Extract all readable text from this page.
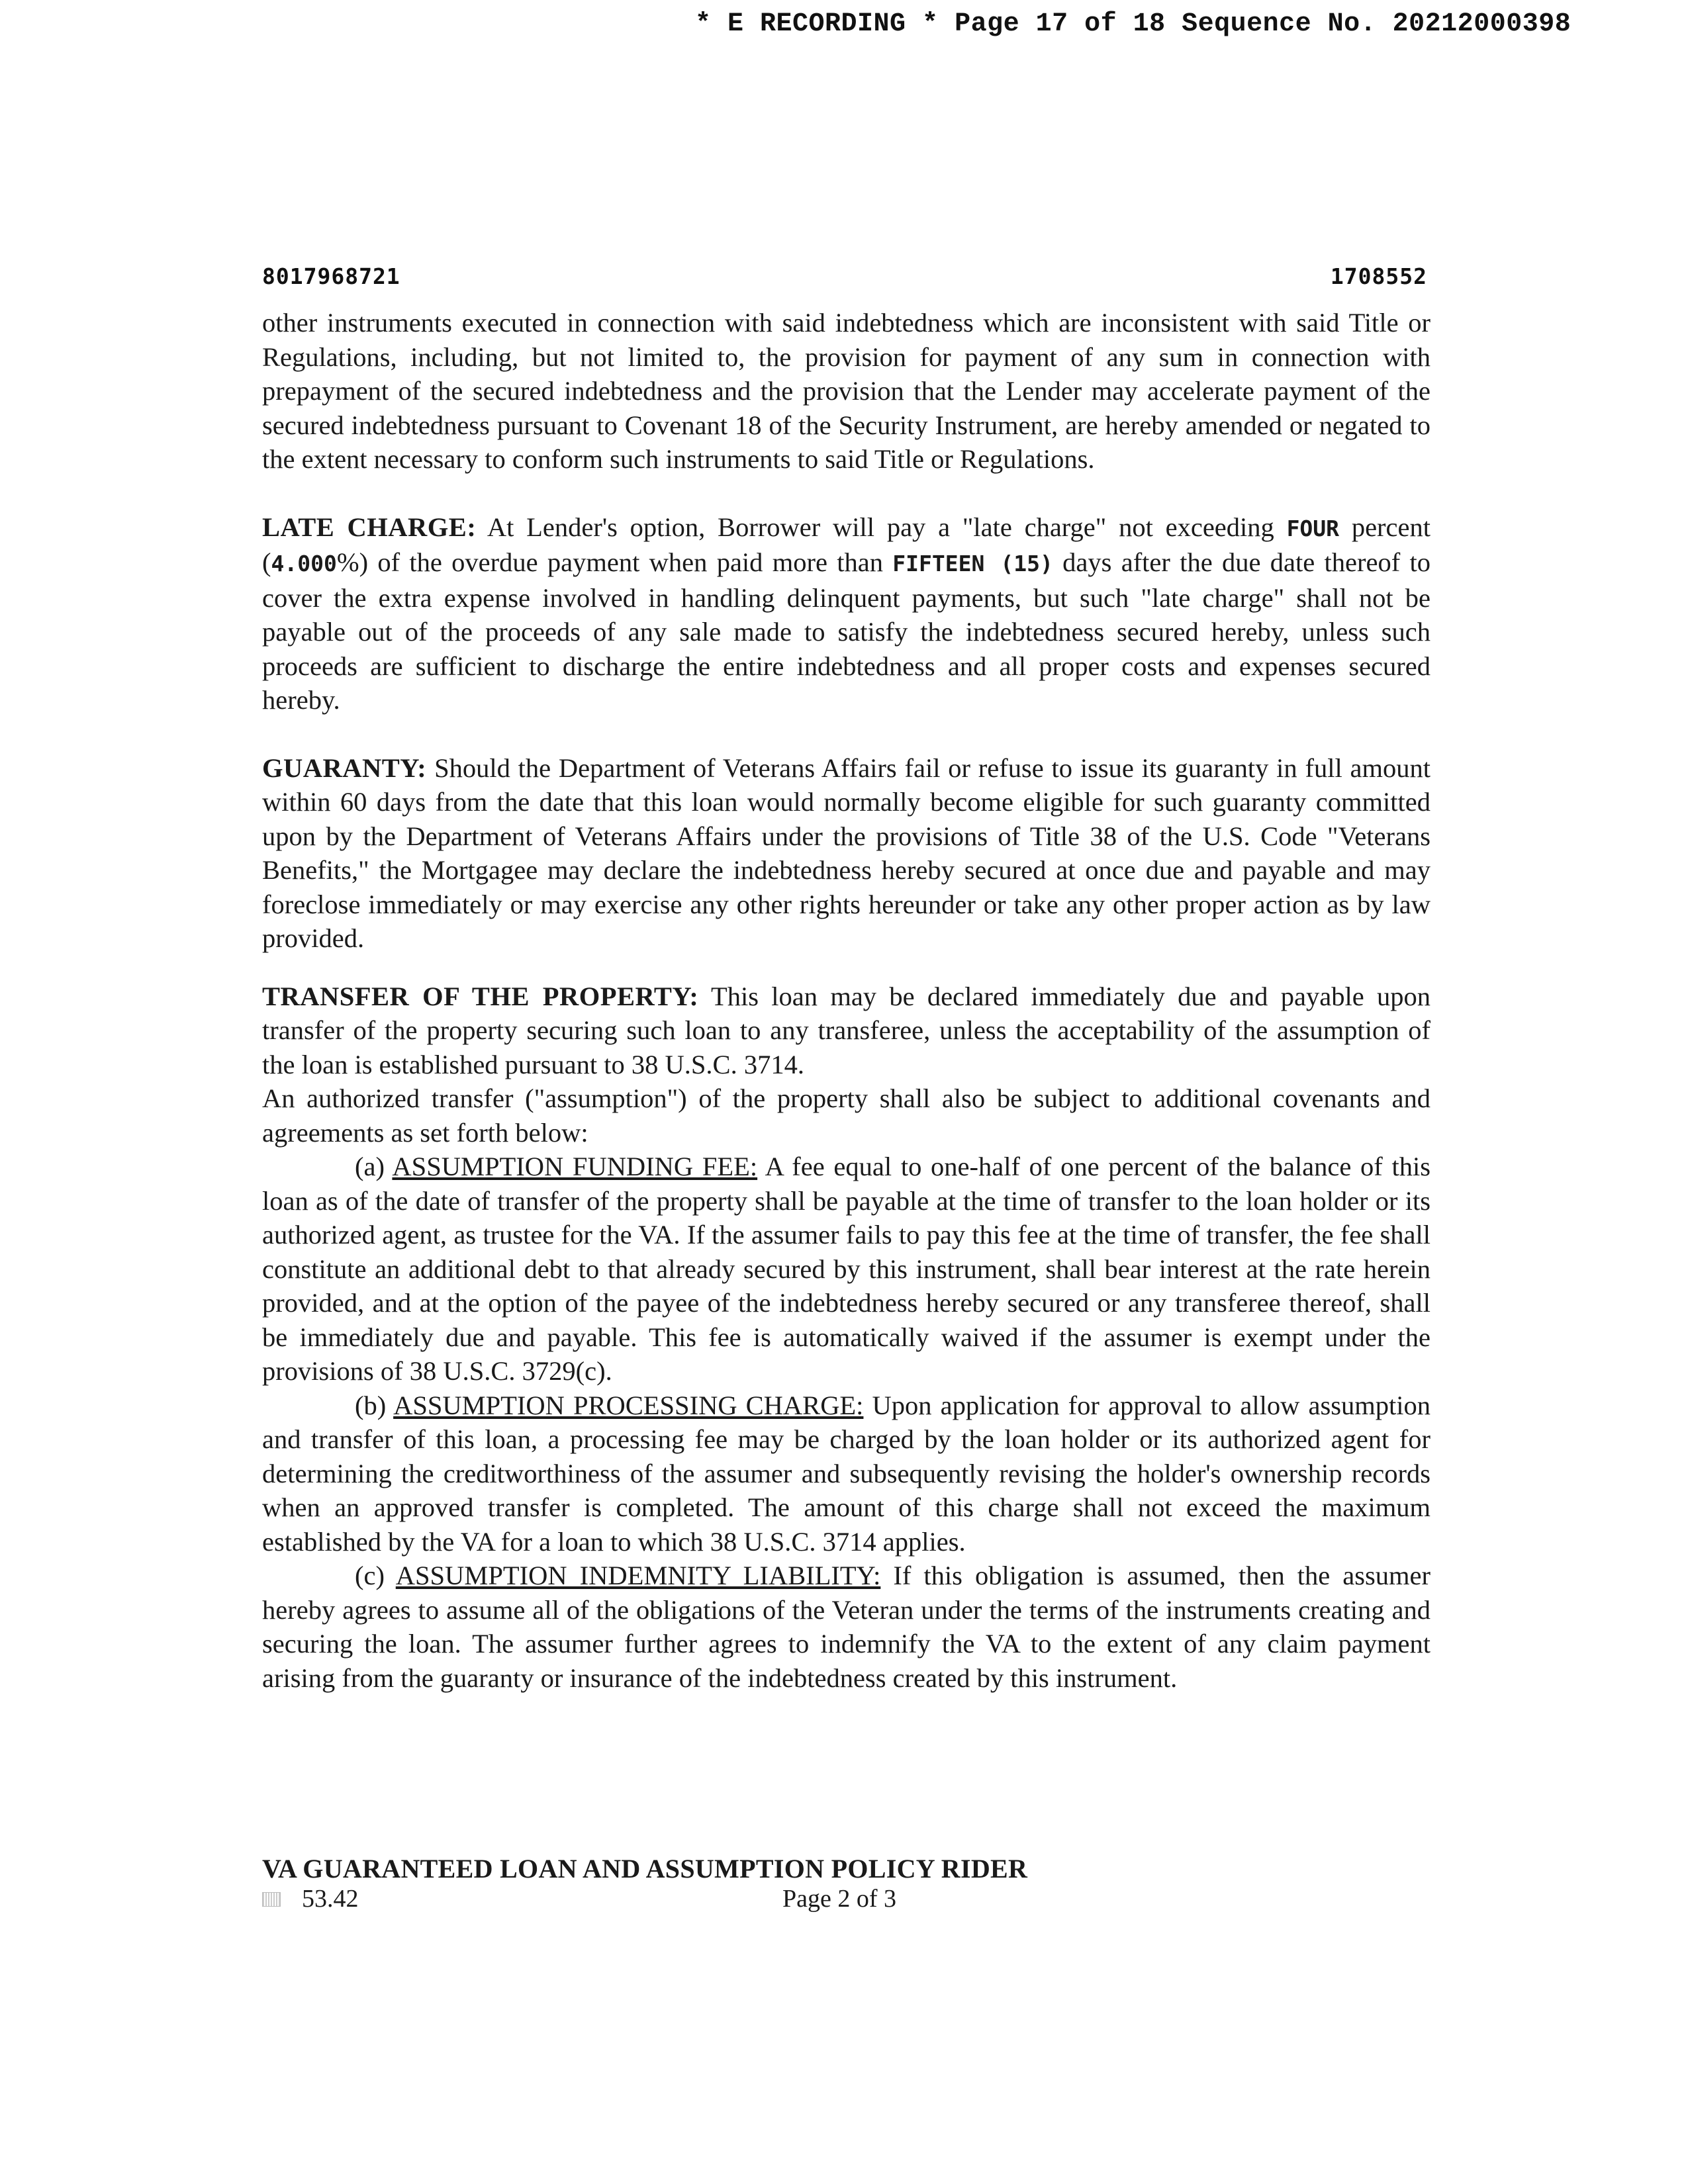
* E RECORDING * Page 17 of 18 Sequence No. 20212000398
8017968721	1708552

other instruments executed in connection with said indebtedness which are inconsistent with said Title or Regulations, including, but not limited to, the provision for payment of any sum in connection with prepayment of the secured indebtedness and the provision that the Lender may accelerate payment of the secured indebtedness pursuant to Covenant 18 of the Security Instrument, are hereby amended or negated to the extent necessary to conform such instruments to said Title or Regulations.

LATE CHARGE: At Lender's option, Borrower will pay a "late charge" not exceeding FOUR percent (4.000%) of the overdue payment when paid more than FIFTEEN (15) days after the due date thereof to cover the extra expense involved in handling delinquent payments, but such "late charge" shall not be payable out of the proceeds of any sale made to satisfy the indebtedness secured hereby, unless such proceeds are sufficient to discharge the entire indebtedness and all proper costs and expenses secured hereby.

GUARANTY: Should the Department of Veterans Affairs fail or refuse to issue its guaranty in full amount within 60 days from the date that this loan would normally become eligible for such guaranty committed upon by the Department of Veterans Affairs under the provisions of Title 38 of the U.S. Code "Veterans Benefits," the Mortgagee may declare the indebtedness hereby secured at once due and payable and may foreclose immediately or may exercise any other rights hereunder or take any other proper action as by law provided.

TRANSFER OF THE PROPERTY: This loan may be declared immediately due and payable upon transfer of the property securing such loan to any transferee, unless the acceptability of the assumption of the loan is established pursuant to 38 U.S.C. 3714.

An authorized transfer ("assumption") of the property shall also be subject to additional covenants and agreements as set forth below:

(a) ASSUMPTION FUNDING FEE: A fee equal to one-half of one percent of the balance of this loan as of the date of transfer of the property shall be payable at the time of transfer to the loan holder or its authorized agent, as trustee for the VA. If the assumer fails to pay this fee at the time of transfer, the fee shall constitute an additional debt to that already secured by this instrument, shall bear interest at the rate herein provided, and at the option of the payee of the indebtedness hereby secured or any transferee thereof, shall be immediately due and payable. This fee is automatically waived if the assumer is exempt under the provisions of 38 U.S.C. 3729(c).

(b) ASSUMPTION PROCESSING CHARGE: Upon application for approval to allow assumption and transfer of this loan, a processing fee may be charged by the loan holder or its authorized agent for determining the creditworthiness of the assumer and subsequently revising the holder's ownership records when an approved transfer is completed. The amount of this charge shall not exceed the maximum established by the VA for a loan to which 38 U.S.C. 3714 applies.

(c) ASSUMPTION INDEMNITY LIABILITY: If this obligation is assumed, then the assumer hereby agrees to assume all of the obligations of the Veteran under the terms of the instruments creating and securing the loan. The assumer further agrees to indemnify the VA to the extent of any claim payment arising from the guaranty or insurance of the indebtedness created by this instrument.

VA GUARANTEED LOAN AND ASSUMPTION POLICY RIDER
53.42	Page 2 of 3
